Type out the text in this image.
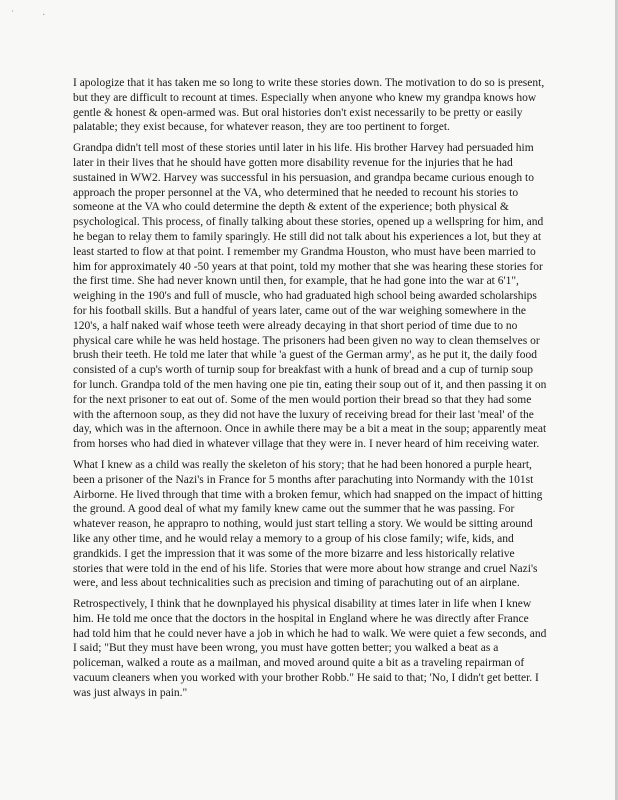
˙ ·

I apologize that it has taken me so long to write these stories down. The motivation to do so is present, but they are difficult to recount at times. Especially when anyone who knew my grandpa knows how gentle & honest & open-armed was. But oral histories don't exist necessarily to be pretty or easily palatable; they exist because, for whatever reason, they are too pertinent to forget.

Grandpa didn't tell most of these stories until later in his life. His brother Harvey had persuaded him later in their lives that he should have gotten more disability revenue for the injuries that he had sustained in WW2. Harvey was successful in his persuasion, and grandpa became curious enough to approach the proper personnel at the VA, who determined that he needed to recount his stories to someone at the VA who could determine the depth & extent of the experience; both physical & psychological. This process, of finally talking about these stories, opened up a wellspring for him, and he began to relay them to family sparingly. He still did not talk about his experiences a lot, but they at least started to flow at that point. I remember my Grandma Houston, who must have been married to him for approximately 40 -50 years at that point, told my mother that she was hearing these stories for the first time. She had never known until then, for example, that he had gone into the war at 6'1", weighing in the 190's and full of muscle, who had graduated high school being awarded scholarships for his football skills. But a handful of years later, came out of the war weighing somewhere in the 120's, a half naked waif whose teeth were already decaying in that short period of time due to no physical care while he was held hostage. The prisoners had been given no way to clean themselves or brush their teeth. He told me later that while 'a guest of the German army', as he put it, the daily food consisted of a cup's worth of turnip soup for breakfast with a hunk of bread and a cup of turnip soup for lunch. Grandpa told of the men having one pie tin, eating their soup out of it, and then passing it on for the next prisoner to eat out of. Some of the men would portion their bread so that they had some with the afternoon soup, as they did not have the luxury of receiving bread for their last 'meal' of the day, which was in the afternoon. Once in awhile there may be a bit a meat in the soup; apparently meat from horses who had died in whatever village that they were in. I never heard of him receiving water.

What I knew as a child was really the skeleton of his story; that he had been honored a purple heart, been a prisoner of the Nazi's in France for 5 months after parachuting into Normandy with the 101st Airborne. He lived through that time with a broken femur, which had snapped on the impact of hitting the ground. A good deal of what my family knew came out the summer that he was passing. For whatever reason, he apprapro to nothing, would just start telling a story. We would be sitting around like any other time, and he would relay a memory to a group of his close family; wife, kids, and grandkids. I get the impression that it was some of the more bizarre and less historically relative stories that were told in the end of his life. Stories that were more about how strange and cruel Nazi's were, and less about technicalities such as precision and timing of parachuting out of an airplane.

Retrospectively, I think that he downplayed his physical disability at times later in life when I knew him. He told me once that the doctors in the hospital in England where he was directly after France had told him that he could never have a job in which he had to walk. We were quiet a few seconds, and I said; "But they must have been wrong, you must have gotten better; you walked a beat as a policeman, walked a route as a mailman, and moved around quite a bit as a traveling repairman of vacuum cleaners when you worked with your brother Robb." He said to that; 'No, I didn't get better. I was just always in pain."
